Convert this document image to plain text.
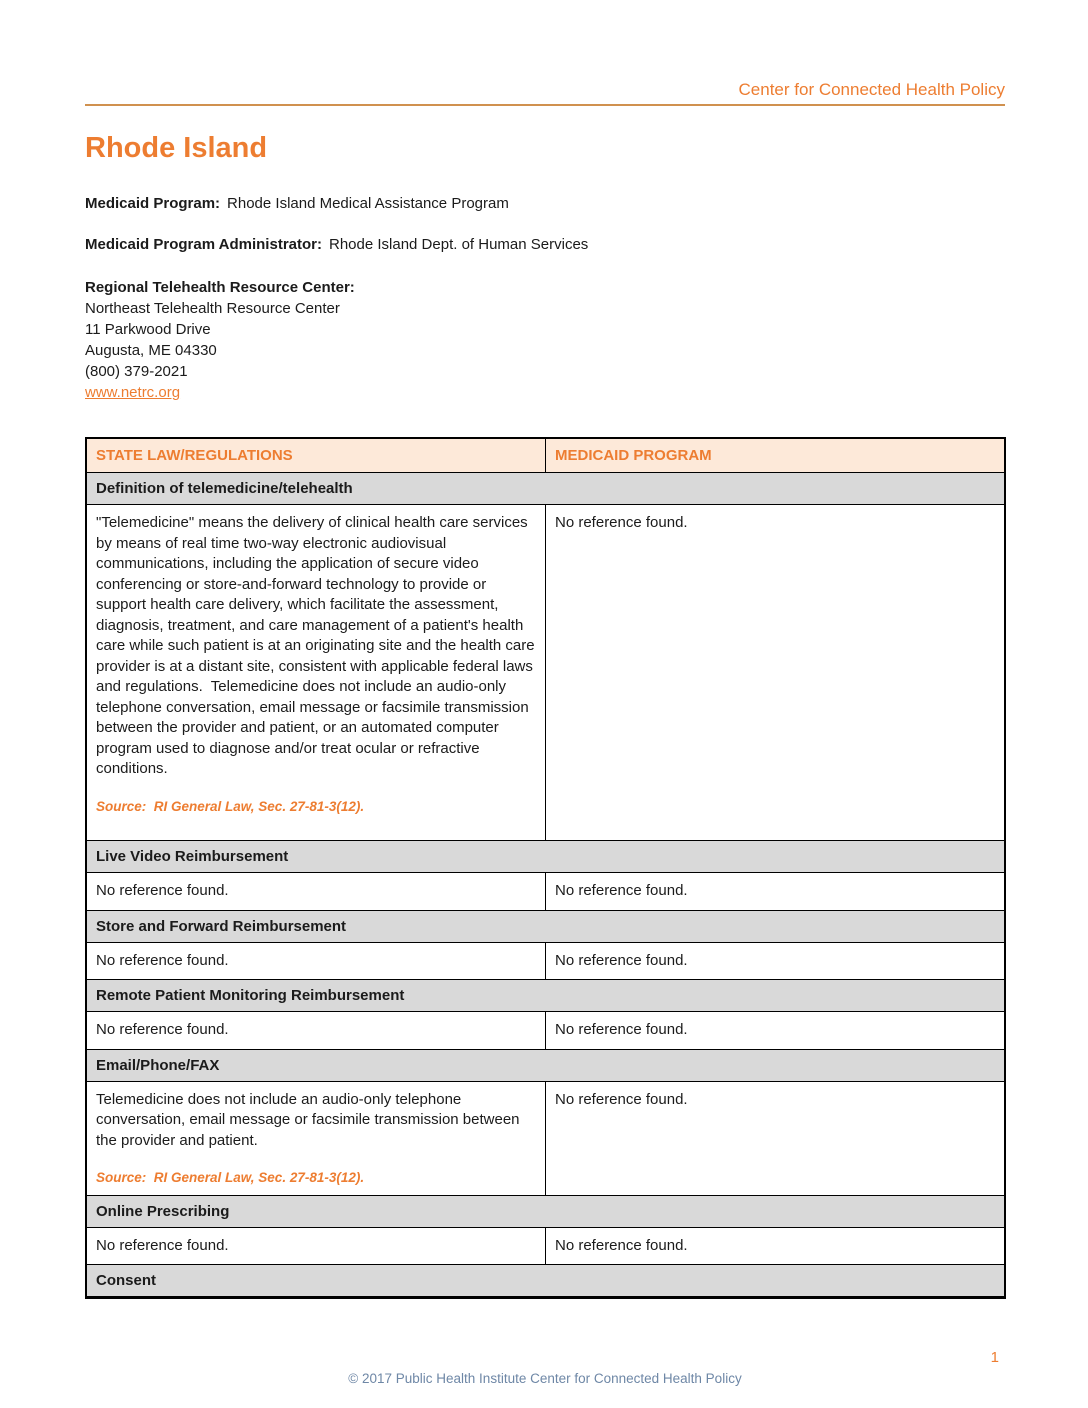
Center for Connected Health Policy
Rhode Island

Medicaid Program: Rhode Island Medical Assistance Program

Medicaid Program Administrator: Rhode Island Dept. of Human Services

Regional Telehealth Resource Center:
Northeast Telehealth Resource Center
11 Parkwood Drive
Augusta, ME 04330
(800) 379-2021
www.netrc.org
STATE LAW/REGULATIONS	MEDICAID PROGRAM
Definition of telemedicine/telehealth	

"Telemedicine" means the delivery of clinical health care services by means of real time two-way electronic audiovisual communications, including the application of secure video conferencing or store-and-forward technology to provide or support health care delivery, which facilitate the assessment, diagnosis, treatment, and care management of a patient's health care while such patient is at an originating site and the health care provider is at a distant site, consistent with applicable federal laws and regulations.  Telemedicine does not include an audio-only telephone conversation, email message or facsimile transmission between the provider and patient, or an automated computer program used to diagnose and/or treat ocular or refractive conditions.
Source:  RI General Law, Sec. 27-81-3(12).	No reference found.

Live Video Reimbursement	

No reference found.	No reference found.

Store and Forward Reimbursement	

No reference found.	No reference found.

Remote Patient Monitoring Reimbursement	

No reference found.	No reference found.

Email/Phone/FAX	

Telemedicine does not include an audio-only telephone conversation, email message or facsimile transmission between the provider and patient.
Source:  RI General Law, Sec. 27-81-3(12).	No reference found.

Online Prescribing	

No reference found.	No reference found.

Consent	
1
© 2017 Public Health Institute Center for Connected Health Policy
